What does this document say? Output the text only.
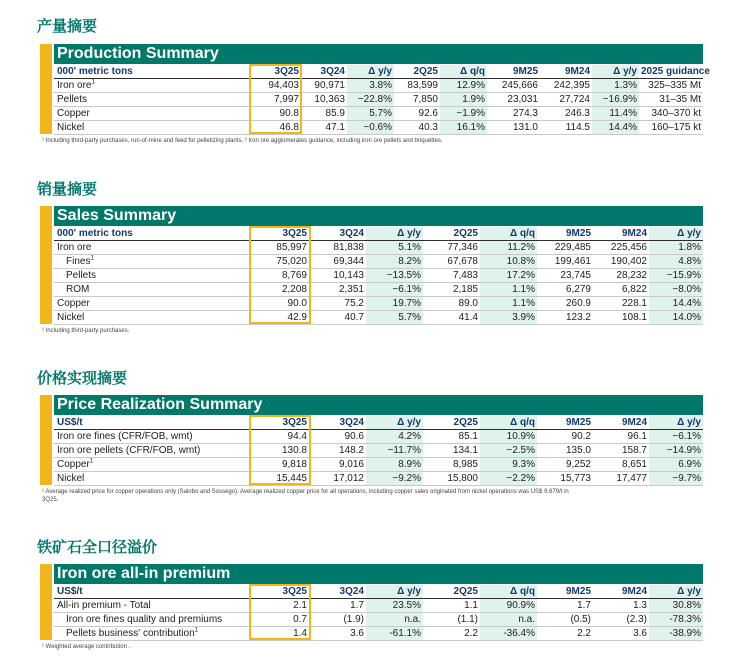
产量摘要
Production Summary
000' metric tons	3Q25	3Q24	Δ y/y	2Q25	Δ q/q	9M25	9M24	Δ y/y	2025 guidance
Iron ore$^1$	94,403	90,971	3.8%	83,599	12.9%	245,666	242,395	1.3%	325–335 Mt
Pellets	7,997	10,363	−22.8%	7,850	1.9%	23,031	27,724	−16.9%	31–35 Mt
Copper	90.8	85.9	5.7%	92.6	−1.9%	274.3	246.3	11.4%	340–370 kt
Nickel	46.8	47.1	−0.6%	40.3	16.1%	131.0	114.5	14.4%	160–175 kt
¹ Including third-party purchases, run-of-mine and feed for pelletizing plants. ² Iron ore agglomerates guidance, including iron ore pellets and briquettes.
销量摘要
Sales Summary
000' metric tons	3Q25	3Q24	Δ y/y	2Q25	Δ q/q	9M25	9M24	Δ y/y
Iron ore	85,997	81,838	5.1%	77,346	11.2%	229,485	225,456	1.8%
Fines$^1$	75,020	69,344	8.2%	67,678	10.8%	199,461	190,402	4.8%
Pellets	8,769	10,143	−13.5%	7,483	17.2%	23,745	28,232	−15.9%
ROM	2,208	2,351	−6.1%	2,185	1.1%	6,279	6,822	−8.0%
Copper	90.0	75.2	19.7%	89.0	1.1%	260.9	228.1	14.4%
Nickel	42.9	40.7	5.7%	41.4	3.9%	123.2	108.1	14.0%
¹ Including third-party purchases.
价格实现摘要
Price Realization Summary
US$/t	3Q25	3Q24	Δ y/y	2Q25	Δ q/q	9M25	9M24	Δ y/y
Iron ore fines (CFR/FOB, wmt)	94.4	90.6	4.2%	85.1	10.9%	90.2	96.1	−6.1%
Iron ore pellets (CFR/FOB, wmt)	130.8	148.2	−11.7%	134.1	−2.5%	135.0	158.7	−14.9%
Copper$^1$	9,818	9,016	8.9%	8,985	9.3%	9,252	8,651	6.9%
Nickel	15,445	17,012	−9.2%	15,800	−2.2%	15,773	17,477	−9.7%
¹ Average realized price for copper operations only (Salobo and Sossego). Average realized copper price for all operations, including copper sales originated from nickel operations was US$ 9,679/t in 3Q25.
铁矿石全口径溢价
Iron ore all-in premium
US$/t	3Q25	3Q24	Δ y/y	2Q25	Δ q/q	9M25	9M24	Δ y/y
All-in premium - Total	2.1	1.7	23.5%	1.1	90.9%	1.7	1.3	30.8%
Iron ore fines quality and premiums	0.7	(1.9)	n.a.	(1.1)	n.a.	(0.5)	(2.3)	-78.3%
Pellets business' contribution$^1$	1.4	3.6	-61.1%	2.2	-36.4%	2.2	3.6	-38.9%
¹ Weighted average contribution .
